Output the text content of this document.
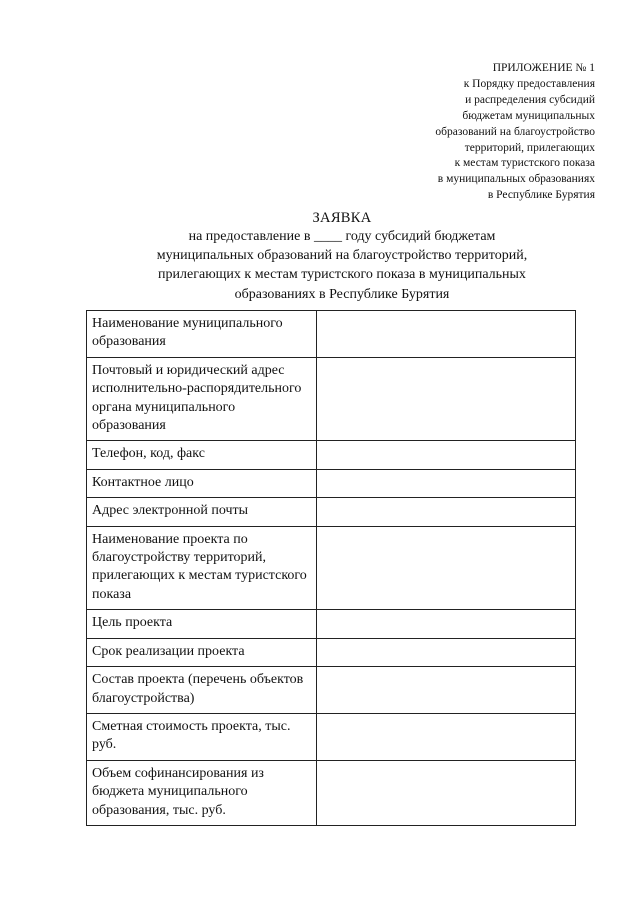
ПРИЛОЖЕНИЕ № 1
к Порядку предоставления
и распределения субсидий
бюджетам муниципальных
образований на благоустройство
территорий, прилегающих
к местам туристского показа
в муниципальных образованиях
в Республике Бурятия
ЗАЯВКА
на предоставление в ____ году субсидий бюджетам
муниципальных образований на благоустройство территорий,
прилегающих к местам туристского показа в муниципальных
образованиях в Республике Бурятия
Наименование муниципального образования	
Почтовый и юридический адрес исполнительно-распорядительного органа муниципального образования	
Телефон, код, факс	
Контактное лицо	
Адрес электронной почты	
Наименование проекта по благоустройству территорий, прилегающих к местам туристского показа	
Цель проекта	
Срок реализации проекта	
Состав проекта (перечень объектов благоустройства)	
Сметная стоимость проекта, тыс. руб.	
Объем софинансирования из бюджета муниципального образования, тыс. руб.	
